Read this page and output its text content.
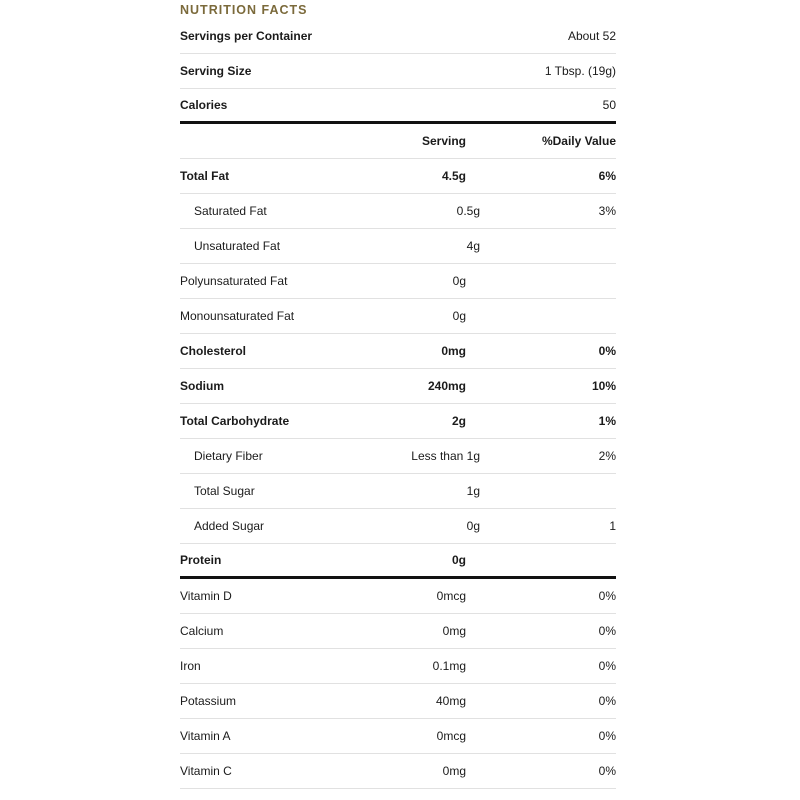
NUTRITION FACTS
Servings per Container	About 52
Serving Size	1 Tbsp. (19g)
Calories	50
Serving	%Daily Value
Total Fat	4.5g	6%
Saturated Fat	0.5g	3%
Unsaturated Fat	4g
Polyunsaturated Fat	0g
Monounsaturated Fat	0g
Cholesterol	0mg	0%
Sodium	240mg	10%
Total Carbohydrate	2g	1%
Dietary Fiber	Less than 1g	2%
Total Sugar	1g
Added Sugar	0g	1
Protein	0g
Vitamin D	0mcg	0%
Calcium	0mg	0%
Iron	0.1mg	0%
Potassium	40mg	0%
Vitamin A	0mcg	0%
Vitamin C	0mg	0%
